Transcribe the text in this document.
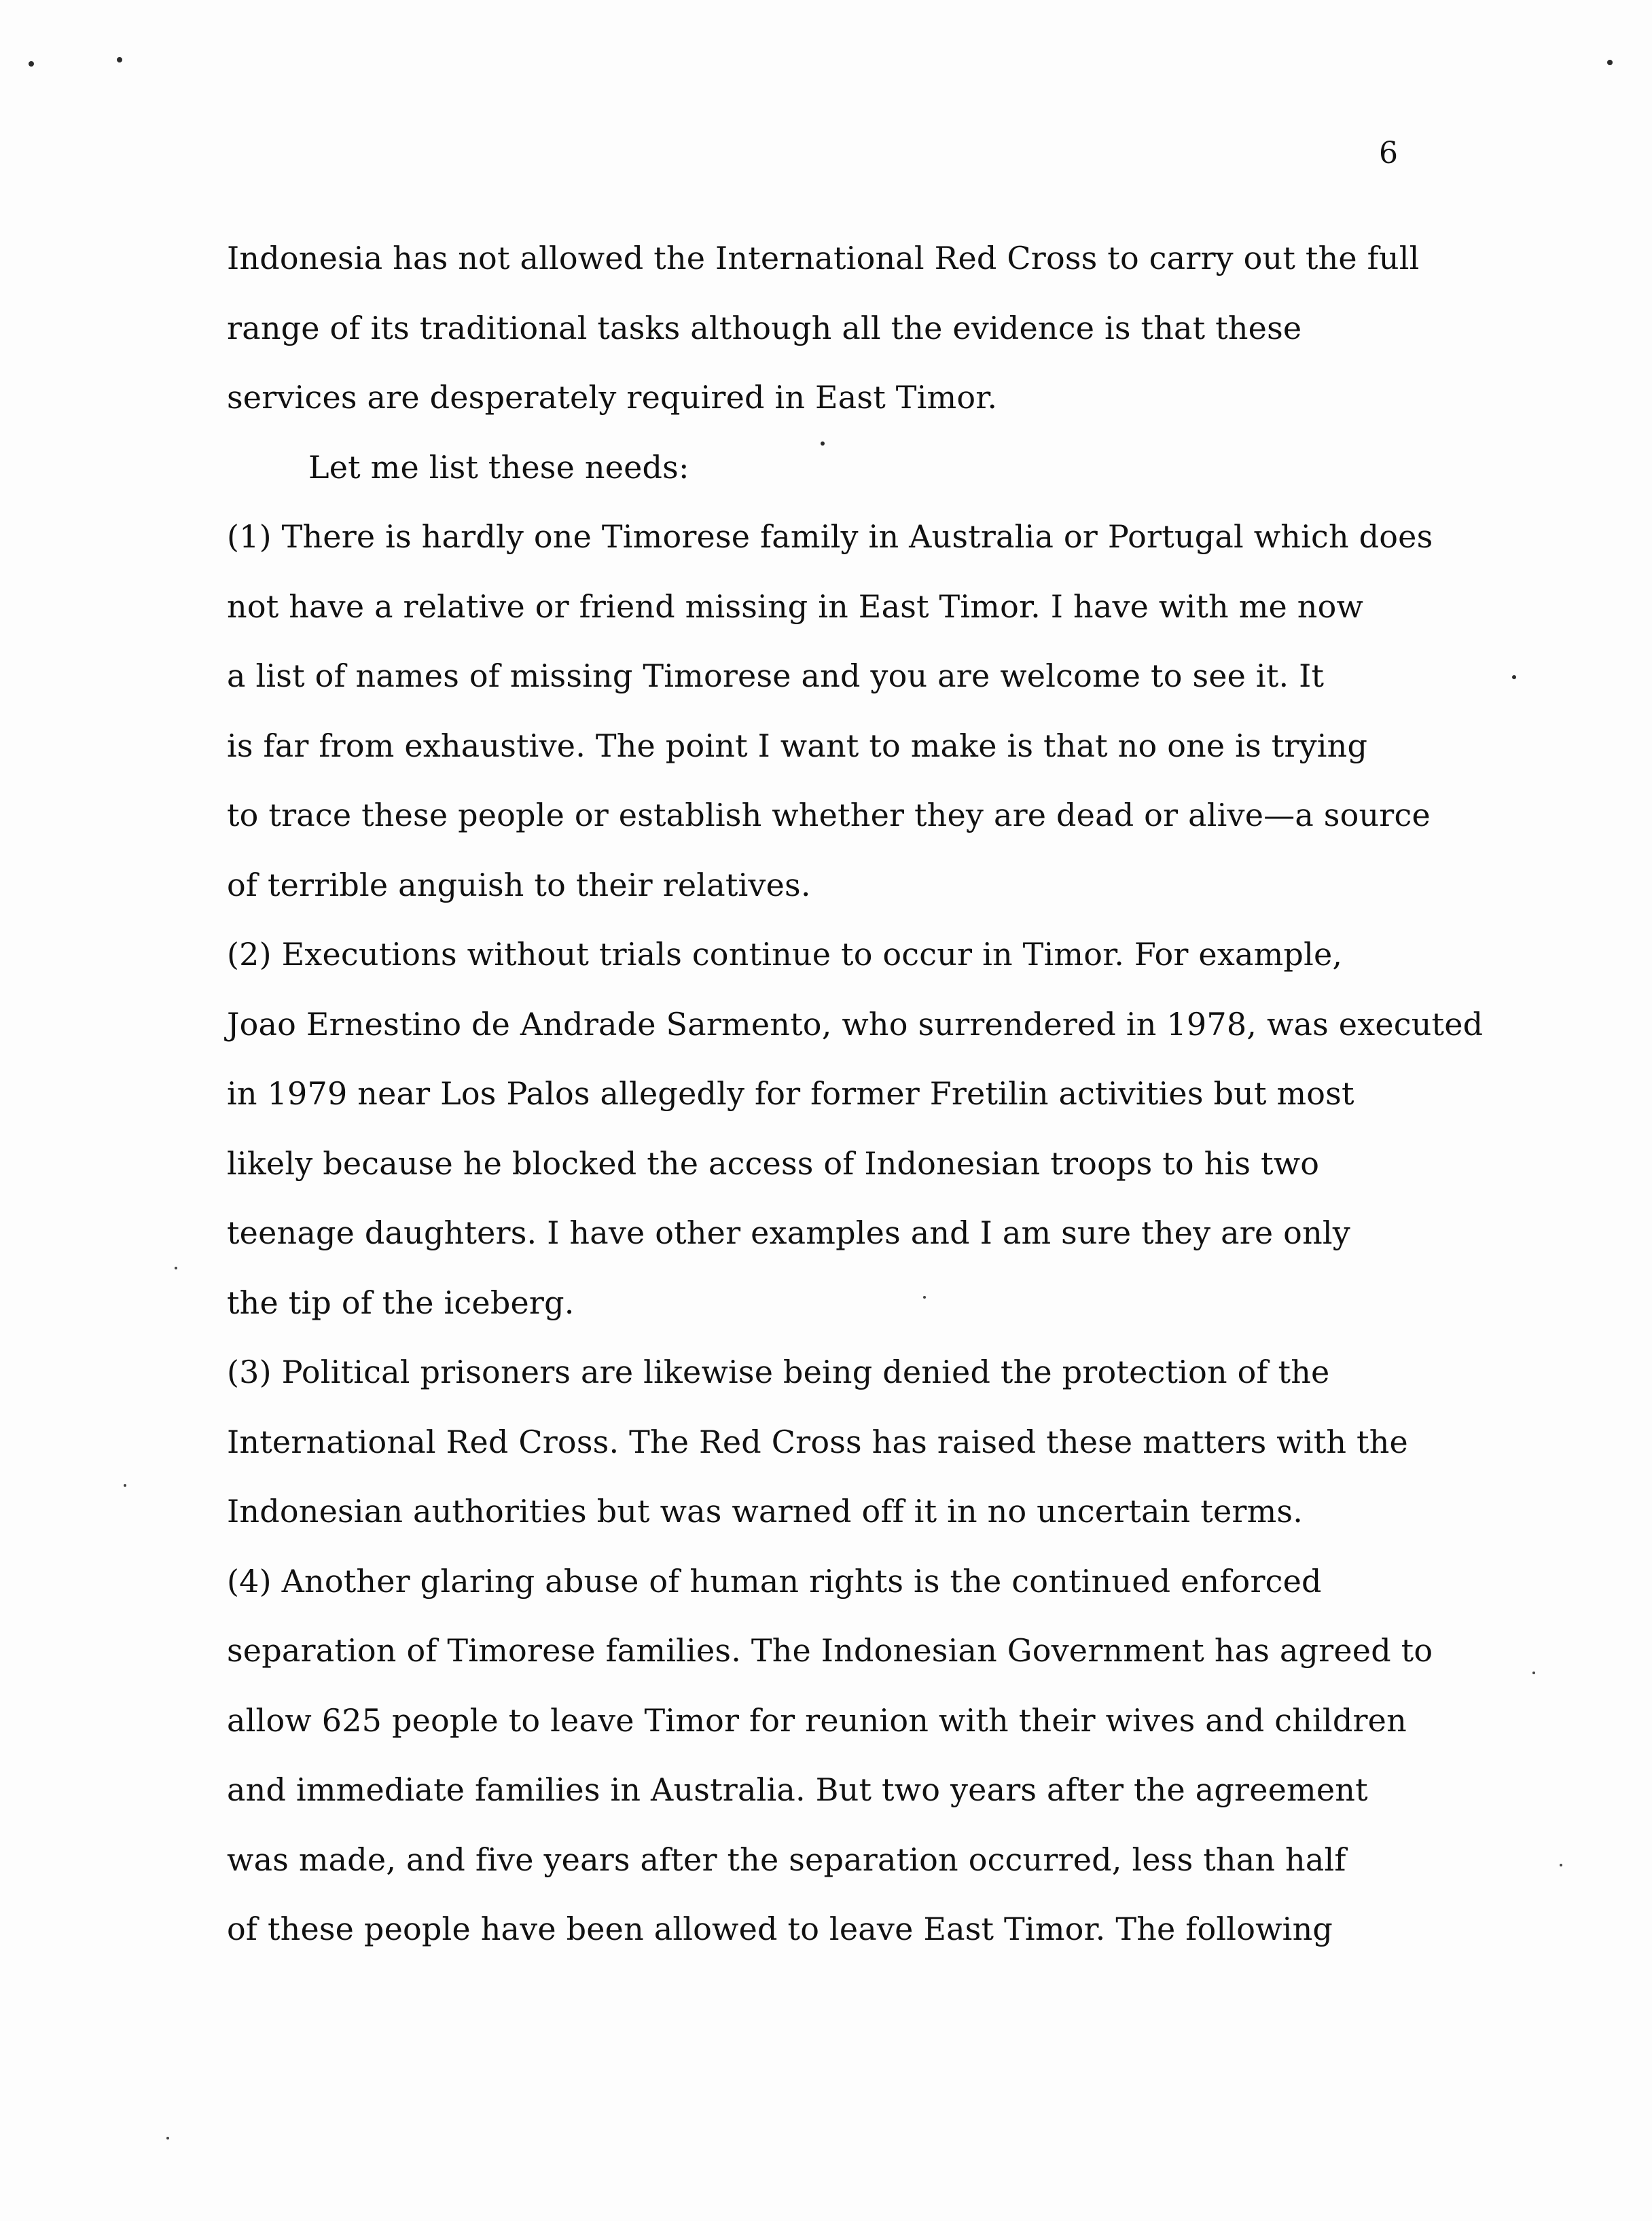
6
Indonesia has not allowed the International Red Cross to carry out the full
range of its traditional tasks although all the evidence is that these
services are desperately required in East Timor.
Let me list these needs:
(1) There is hardly one Timorese family in Australia or Portugal which does
not have a relative or friend missing in East Timor. I have with me now
a list of names of missing Timorese and you are welcome to see it. It
is far from exhaustive. The point I want to make is that no one is trying
to trace these people or establish whether they are dead or alive—a source
of terrible anguish to their relatives.
(2) Executions without trials continue to occur in Timor. For example,
Joao Ernestino de Andrade Sarmento, who surrendered in 1978, was executed
in 1979 near Los Palos allegedly for former Fretilin activities but most
likely because he blocked the access of Indonesian troops to his two
teenage daughters. I have other examples and I am sure they are only
the tip of the iceberg.
(3) Political prisoners are likewise being denied the protection of the
International Red Cross. The Red Cross has raised these matters with the
Indonesian authorities but was warned off it in no uncertain terms.
(4) Another glaring abuse of human rights is the continued enforced
separation of Timorese families. The Indonesian Government has agreed to
allow 625 people to leave Timor for reunion with their wives and children
and immediate families in Australia. But two years after the agreement
was made, and five years after the separation occurred, less than half
of these people have been allowed to leave East Timor. The following
